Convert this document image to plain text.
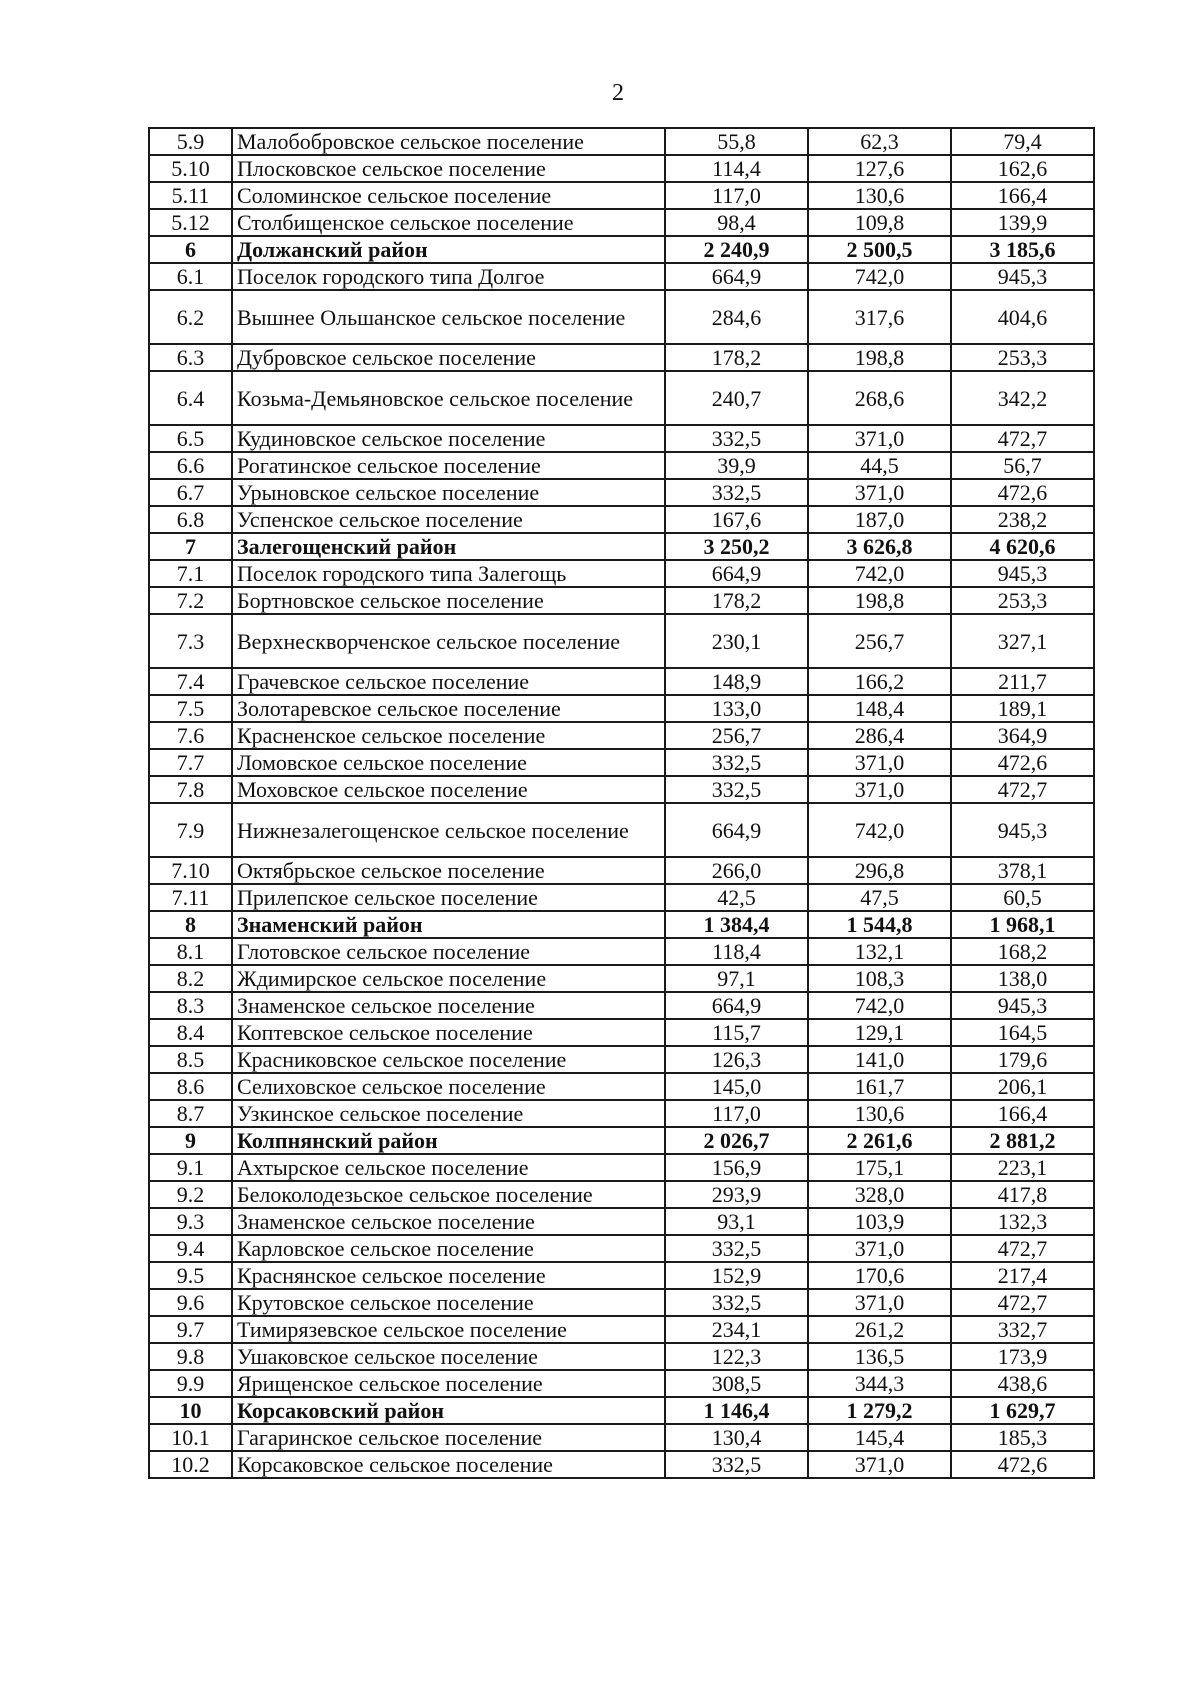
2
5.9	Малобобровское сельское поселение	55,8	62,3	79,4
5.10	Плосковское сельское поселение	114,4	127,6	162,6
5.11	Соломинское сельское поселение	117,0	130,6	166,4
5.12	Столбищенское сельское поселение	98,4	109,8	139,9
6	Должанский район	2 240,9	2 500,5	3 185,6
6.1	Поселок городского типа Долгое	664,9	742,0	945,3
6.2	Вышнее Ольшанское сельское поселение	284,6	317,6	404,6
6.3	Дубровское сельское поселение	178,2	198,8	253,3
6.4	Козьма-Демьяновское сельское поселение	240,7	268,6	342,2
6.5	Кудиновское сельское поселение	332,5	371,0	472,7
6.6	Рогатинское сельское поселение	39,9	44,5	56,7
6.7	Урыновское сельское поселение	332,5	371,0	472,6
6.8	Успенское сельское поселение	167,6	187,0	238,2
7	Залегощенский район	3 250,2	3 626,8	4 620,6
7.1	Поселок городского типа Залегощь	664,9	742,0	945,3
7.2	Бортновское сельское поселение	178,2	198,8	253,3
7.3	Верхнескворченское сельское поселение	230,1	256,7	327,1
7.4	Грачевское сельское поселение	148,9	166,2	211,7
7.5	Золотаревское сельское поселение	133,0	148,4	189,1
7.6	Красненское сельское поселение	256,7	286,4	364,9
7.7	Ломовское сельское поселение	332,5	371,0	472,6
7.8	Моховское сельское поселение	332,5	371,0	472,7
7.9	Нижнезалегощенское сельское поселение	664,9	742,0	945,3
7.10	Октябрьское сельское поселение	266,0	296,8	378,1
7.11	Прилепское сельское поселение	42,5	47,5	60,5
8	Знаменский район	1 384,4	1 544,8	1 968,1
8.1	Глотовское сельское поселение	118,4	132,1	168,2
8.2	Ждимирское сельское поселение	97,1	108,3	138,0
8.3	Знаменское сельское поселение	664,9	742,0	945,3
8.4	Коптевское сельское поселение	115,7	129,1	164,5
8.5	Красниковское сельское поселение	126,3	141,0	179,6
8.6	Селиховское сельское поселение	145,0	161,7	206,1
8.7	Узкинское сельское поселение	117,0	130,6	166,4
9	Колпнянский район	2 026,7	2 261,6	2 881,2
9.1	Ахтырское сельское поселение	156,9	175,1	223,1
9.2	Белоколодезьское сельское поселение	293,9	328,0	417,8
9.3	Знаменское сельское поселение	93,1	103,9	132,3
9.4	Карловское сельское поселение	332,5	371,0	472,7
9.5	Краснянское сельское поселение	152,9	170,6	217,4
9.6	Крутовское сельское поселение	332,5	371,0	472,7
9.7	Тимирязевское сельское поселение	234,1	261,2	332,7
9.8	Ушаковское сельское поселение	122,3	136,5	173,9
9.9	Ярищенское сельское поселение	308,5	344,3	438,6
10	Корсаковский район	1 146,4	1 279,2	1 629,7
10.1	Гагаринское сельское поселение	130,4	145,4	185,3
10.2	Корсаковское сельское поселение	332,5	371,0	472,6
